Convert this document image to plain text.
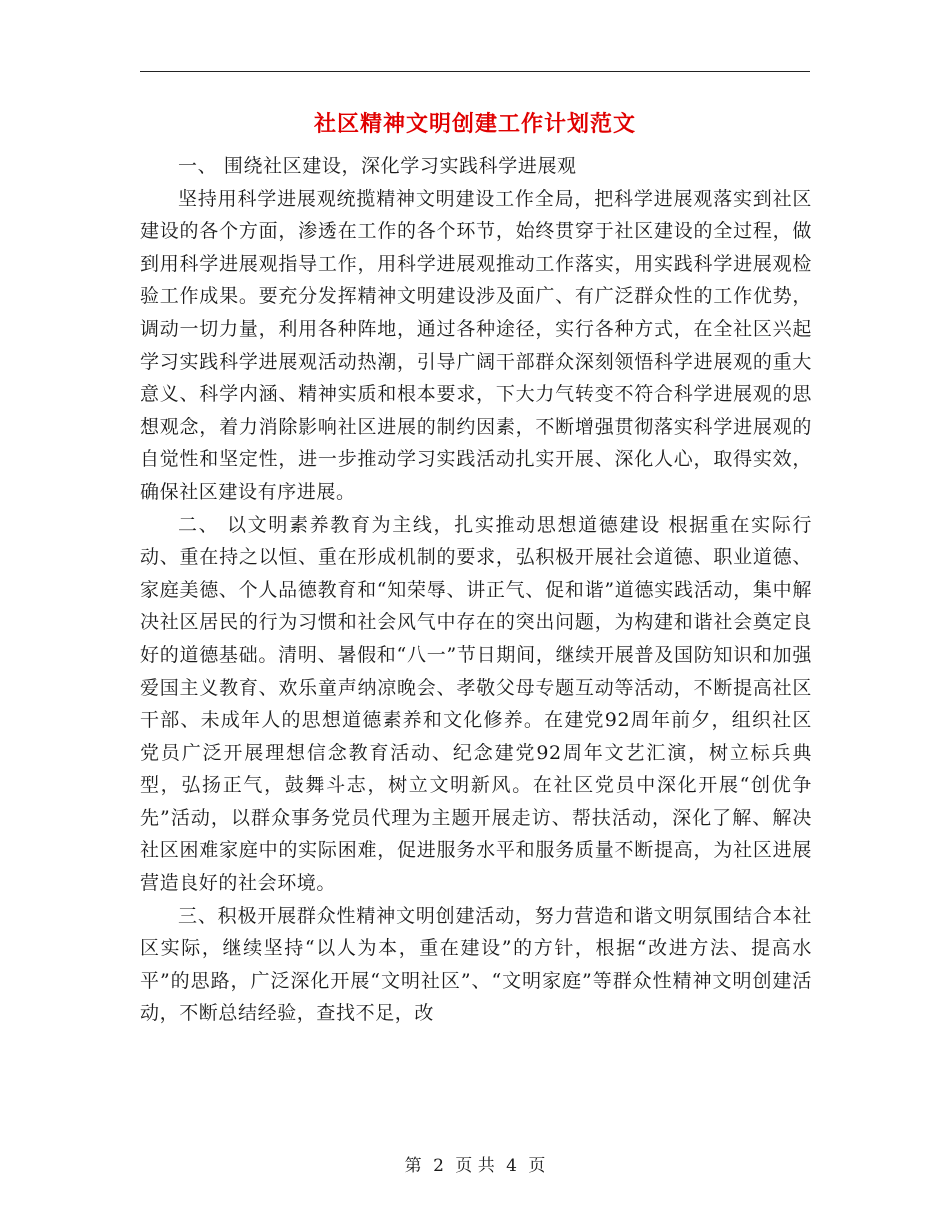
社区精神文明创建工作计划范文

一、 围绕社区建设，深化学习实践科学进展观

坚持用科学进展观统揽精神文明建设工作全局，把科学进展观落实到社区建设的各个方面，渗透在工作的各个环节，始终贯穿于社区建设的全过程，做到用科学进展观指导工作，用科学进展观推动工作落实，用实践科学进展观检验工作成果。要充分发挥精神文明建设涉及面广、有广泛群众性的工作优势，调动一切力量，利用各种阵地，通过各种途径，实行各种方式，在全社区兴起学习实践科学进展观活动热潮，引导广阔干部群众深刻领悟科学进展观的重大意义、科学内涵、精神实质和根本要求，下大力气转变不符合科学进展观的思想观念，着力消除影响社区进展的制约因素，不断增强贯彻落实科学进展观的自觉性和坚定性，进一步推动学习实践活动扎实开展、深化人心，取得实效，确保社区建设有序进展。

二、 以文明素养教育为主线，扎实推动思想道德建设 根据重在实际行动、重在持之以恒、重在形成机制的要求，弘积极开展社会道德、职业道德、家庭美德、个人品德教育和“知荣辱、讲正气、促和谐”道德实践活动，集中解决社区居民的行为习惯和社会风气中存在的突出问题，为构建和谐社会奠定良好的道德基础。清明、暑假和“八一”节日期间，继续开展普及国防知识和加强爱国主义教育、欢乐童声纳凉晚会、孝敬父母专题互动等活动，不断提高社区干部、未成年人的思想道德素养和文化修养。在建党92周年前夕，组织社区党员广泛开展理想信念教育活动、纪念建党92周年文艺汇演，树立标兵典型，弘扬正气，鼓舞斗志，树立文明新风。在社区党员中深化开展“创优争先”活动，以群众事务党员代理为主题开展走访、帮扶活动，深化了解、解决社区困难家庭中的实际困难，促进服务水平和服务质量不断提高，为社区进展营造良好的社会环境。

三、积极开展群众性精神文明创建活动，努力营造和谐文明氛围结合本社区实际，继续坚持“以人为本，重在建设”的方针，根据“改进方法、提高水平”的思路，广泛深化开展“文明社区”、“文明家庭”等群众性精神文明创建活动，不断总结经验，查找不足，改

第 2 页 共 4 页
